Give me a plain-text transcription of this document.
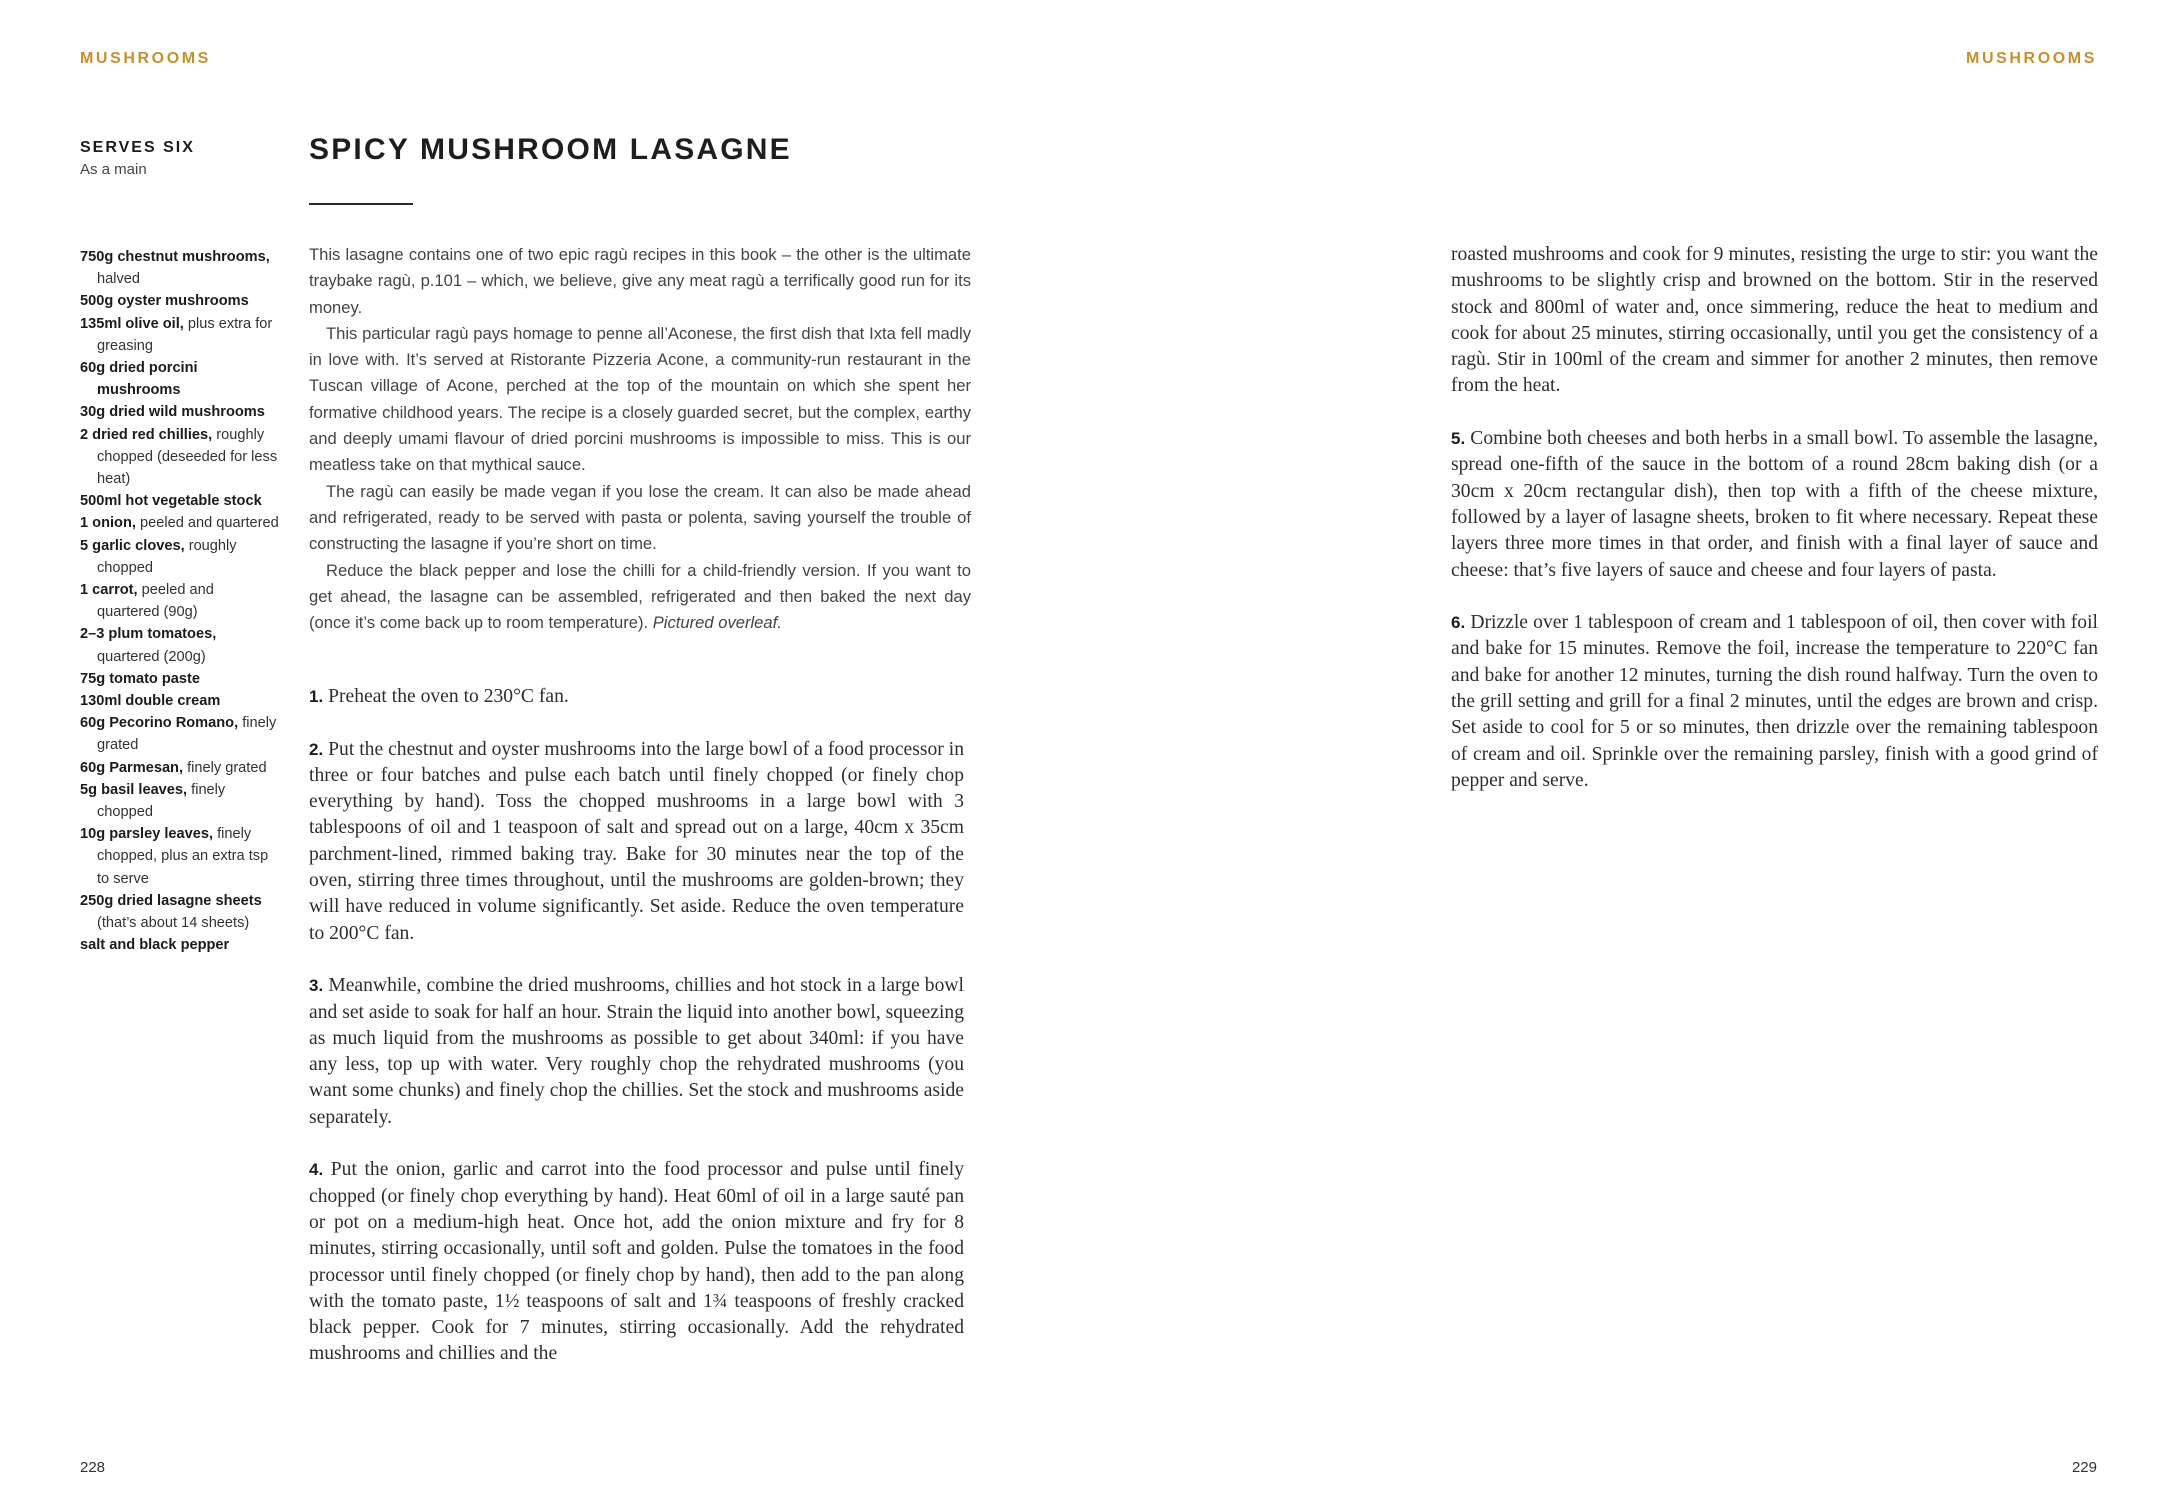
MUSHROOMS	MUSHROOMS

SERVES SIX

As a main

750g chestnut mushrooms, halved
500g oyster mushrooms
135ml olive oil, plus extra for greasing
60g dried porcini mushrooms
30g dried wild mushrooms
2 dried red chillies, roughly chopped (deseeded for less heat)
500ml hot vegetable stock
1 onion, peeled and quartered
5 garlic cloves, roughly chopped
1 carrot, peeled and quartered (90g)
2–3 plum tomatoes, quartered (200g)
75g tomato paste
130ml double cream
60g Pecorino Romano, finely grated
60g Parmesan, finely grated
5g basil leaves, finely chopped
10g parsley leaves, finely chopped, plus an extra tsp to serve
250g dried lasagne sheets (that’s about 14 sheets)
salt and black pepper
SPICY MUSHROOM LASAGNE

This lasagne contains one of two epic ragù recipes in this book – the other is the ultimate traybake ragù, p.101 – which, we believe, give any meat ragù a terrifically good run for its money.

This particular ragù pays homage to penne all’Aconese, the first dish that Ixta fell madly in love with. It’s served at Ristorante Pizzeria Acone, a community-run restaurant in the Tuscan village of Acone, perched at the top of the mountain on which she spent her formative childhood years. The recipe is a closely guarded secret, but the complex, earthy and deeply umami flavour of dried porcini mushrooms is impossible to miss. This is our meatless take on that mythical sauce.

The ragù can easily be made vegan if you lose the cream. It can also be made ahead and refrigerated, ready to be served with pasta or polenta, saving yourself the trouble of constructing the lasagne if you’re short on time.

Reduce the black pepper and lose the chilli for a child-friendly version. If you want to get ahead, the lasagne can be assembled, refrigerated and then baked the next day (once it’s come back up to room temperature). Pictured overleaf.

1. Preheat the oven to 230°C fan.

2. Put the chestnut and oyster mushrooms into the large bowl of a food processor in three or four batches and pulse each batch until finely chopped (or finely chop everything by hand). Toss the chopped mushrooms in a large bowl with 3 tablespoons of oil and 1 teaspoon of salt and spread out on a large, 40cm x 35cm parchment-lined, rimmed baking tray. Bake for 30 minutes near the top of the oven, stirring three times throughout, until the mushrooms are golden-brown; they will have reduced in volume significantly. Set aside. Reduce the oven temperature to 200°C fan.

3. Meanwhile, combine the dried mushrooms, chillies and hot stock in a large bowl and set aside to soak for half an hour. Strain the liquid into another bowl, squeezing as much liquid from the mushrooms as possible to get about 340ml: if you have any less, top up with water. Very roughly chop the rehydrated mushrooms (you want some chunks) and finely chop the chillies. Set the stock and mushrooms aside separately.

4. Put the onion, garlic and carrot into the food processor and pulse until finely chopped (or finely chop everything by hand). Heat 60ml of oil in a large sauté pan or pot on a medium-high heat. Once hot, add the onion mixture and fry for 8 minutes, stirring occasionally, until soft and golden. Pulse the tomatoes in the food processor until finely chopped (or finely chop by hand), then add to the pan along with the tomato paste, 1½ teaspoons of salt and 1¾ teaspoons of freshly cracked black pepper. Cook for 7 minutes, stirring occasionally. Add the rehydrated mushrooms and chillies and the

roasted mushrooms and cook for 9 minutes, resisting the urge to stir: you want the mushrooms to be slightly crisp and browned on the bottom. Stir in the reserved stock and 800ml of water and, once simmering, reduce the heat to medium and cook for about 25 minutes, stirring occasionally, until you get the consistency of a ragù. Stir in 100ml of the cream and simmer for another 2 minutes, then remove from the heat.

5. Combine both cheeses and both herbs in a small bowl. To assemble the lasagne, spread one-fifth of the sauce in the bottom of a round 28cm baking dish (or a 30cm x 20cm rectangular dish), then top with a fifth of the cheese mixture, followed by a layer of lasagne sheets, broken to fit where necessary. Repeat these layers three more times in that order, and finish with a final layer of sauce and cheese: that’s five layers of sauce and cheese and four layers of pasta.

6. Drizzle over 1 tablespoon of cream and 1 tablespoon of oil, then cover with foil and bake for 15 minutes. Remove the foil, increase the temperature to 220°C fan and bake for another 12 minutes, turning the dish round halfway. Turn the oven to the grill setting and grill for a final 2 minutes, until the edges are brown and crisp. Set aside to cool for 5 or so minutes, then drizzle over the remaining tablespoon of cream and oil. Sprinkle over the remaining parsley, finish with a good grind of pepper and serve.

228	229
